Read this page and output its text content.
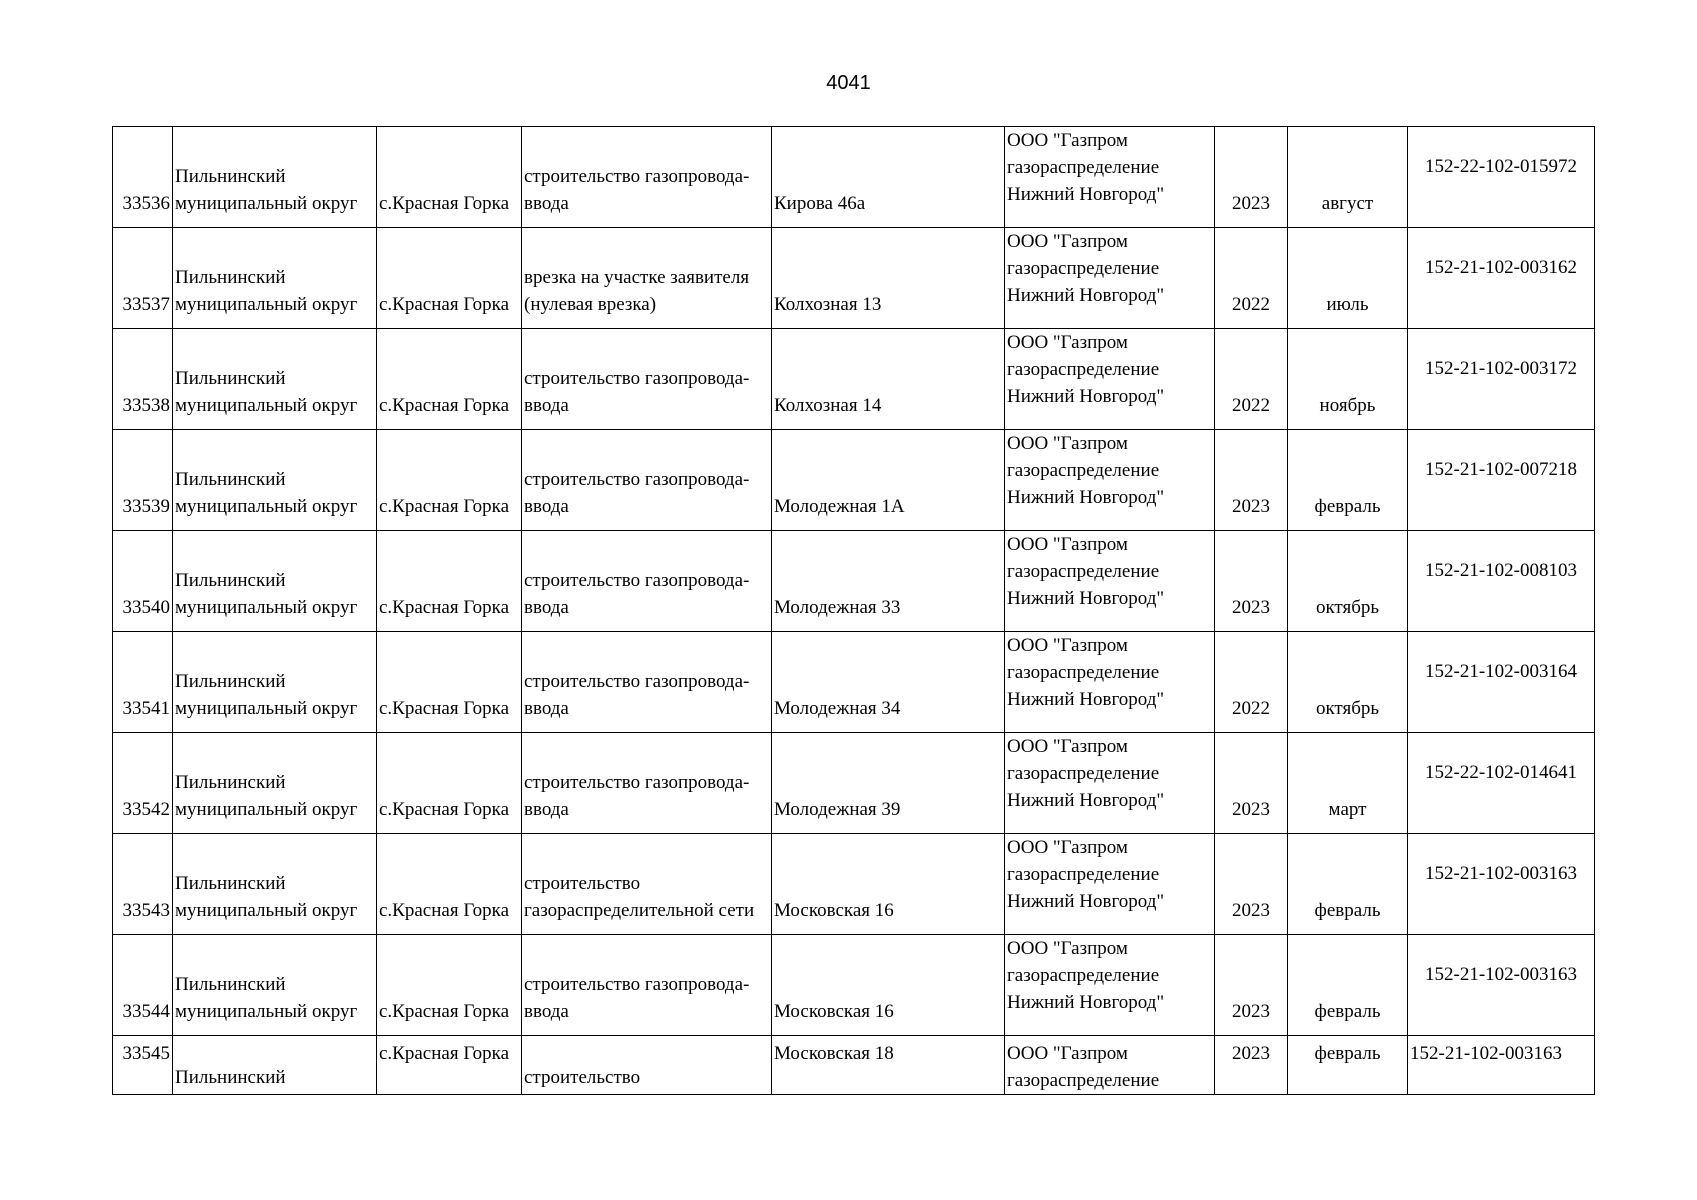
4041
33536	Пильнинский
муниципальный округ	с.Красная Горка	строительство газопровода-
ввода	Кирова 46а	ООО "Газпром
газораспределение
Нижний Новгород"	2023	август	152-22-102-015972
33537	Пильнинский
муниципальный округ	с.Красная Горка	врезка на участке заявителя
(нулевая врезка)	Колхозная 13	ООО "Газпром
газораспределение
Нижний Новгород"	2022	июль	152-21-102-003162
33538	Пильнинский
муниципальный округ	с.Красная Горка	строительство газопровода-
ввода	Колхозная 14	ООО "Газпром
газораспределение
Нижний Новгород"	2022	ноябрь	152-21-102-003172
33539	Пильнинский
муниципальный округ	с.Красная Горка	строительство газопровода-
ввода	Молодежная 1А	ООО "Газпром
газораспределение
Нижний Новгород"	2023	февраль	152-21-102-007218
33540	Пильнинский
муниципальный округ	с.Красная Горка	строительство газопровода-
ввода	Молодежная 33	ООО "Газпром
газораспределение
Нижний Новгород"	2023	октябрь	152-21-102-008103
33541	Пильнинский
муниципальный округ	с.Красная Горка	строительство газопровода-
ввода	Молодежная 34	ООО "Газпром
газораспределение
Нижний Новгород"	2022	октябрь	152-21-102-003164
33542	Пильнинский
муниципальный округ	с.Красная Горка	строительство газопровода-
ввода	Молодежная 39	ООО "Газпром
газораспределение
Нижний Новгород"	2023	март	152-22-102-014641
33543	Пильнинский
муниципальный округ	с.Красная Горка	строительство
газораспределительной сети	Московская 16	ООО "Газпром
газораспределение
Нижний Новгород"	2023	февраль	152-21-102-003163
33544	Пильнинский
муниципальный округ	с.Красная Горка	строительство газопровода-
ввода	Московская 16	ООО "Газпром
газораспределение
Нижний Новгород"	2023	февраль	152-21-102-003163
33545	Пильнинский	с.Красная Горка	строительство	Московская 18	ООО "Газпром
газораспределение	2023	февраль	152-21-102-003163
